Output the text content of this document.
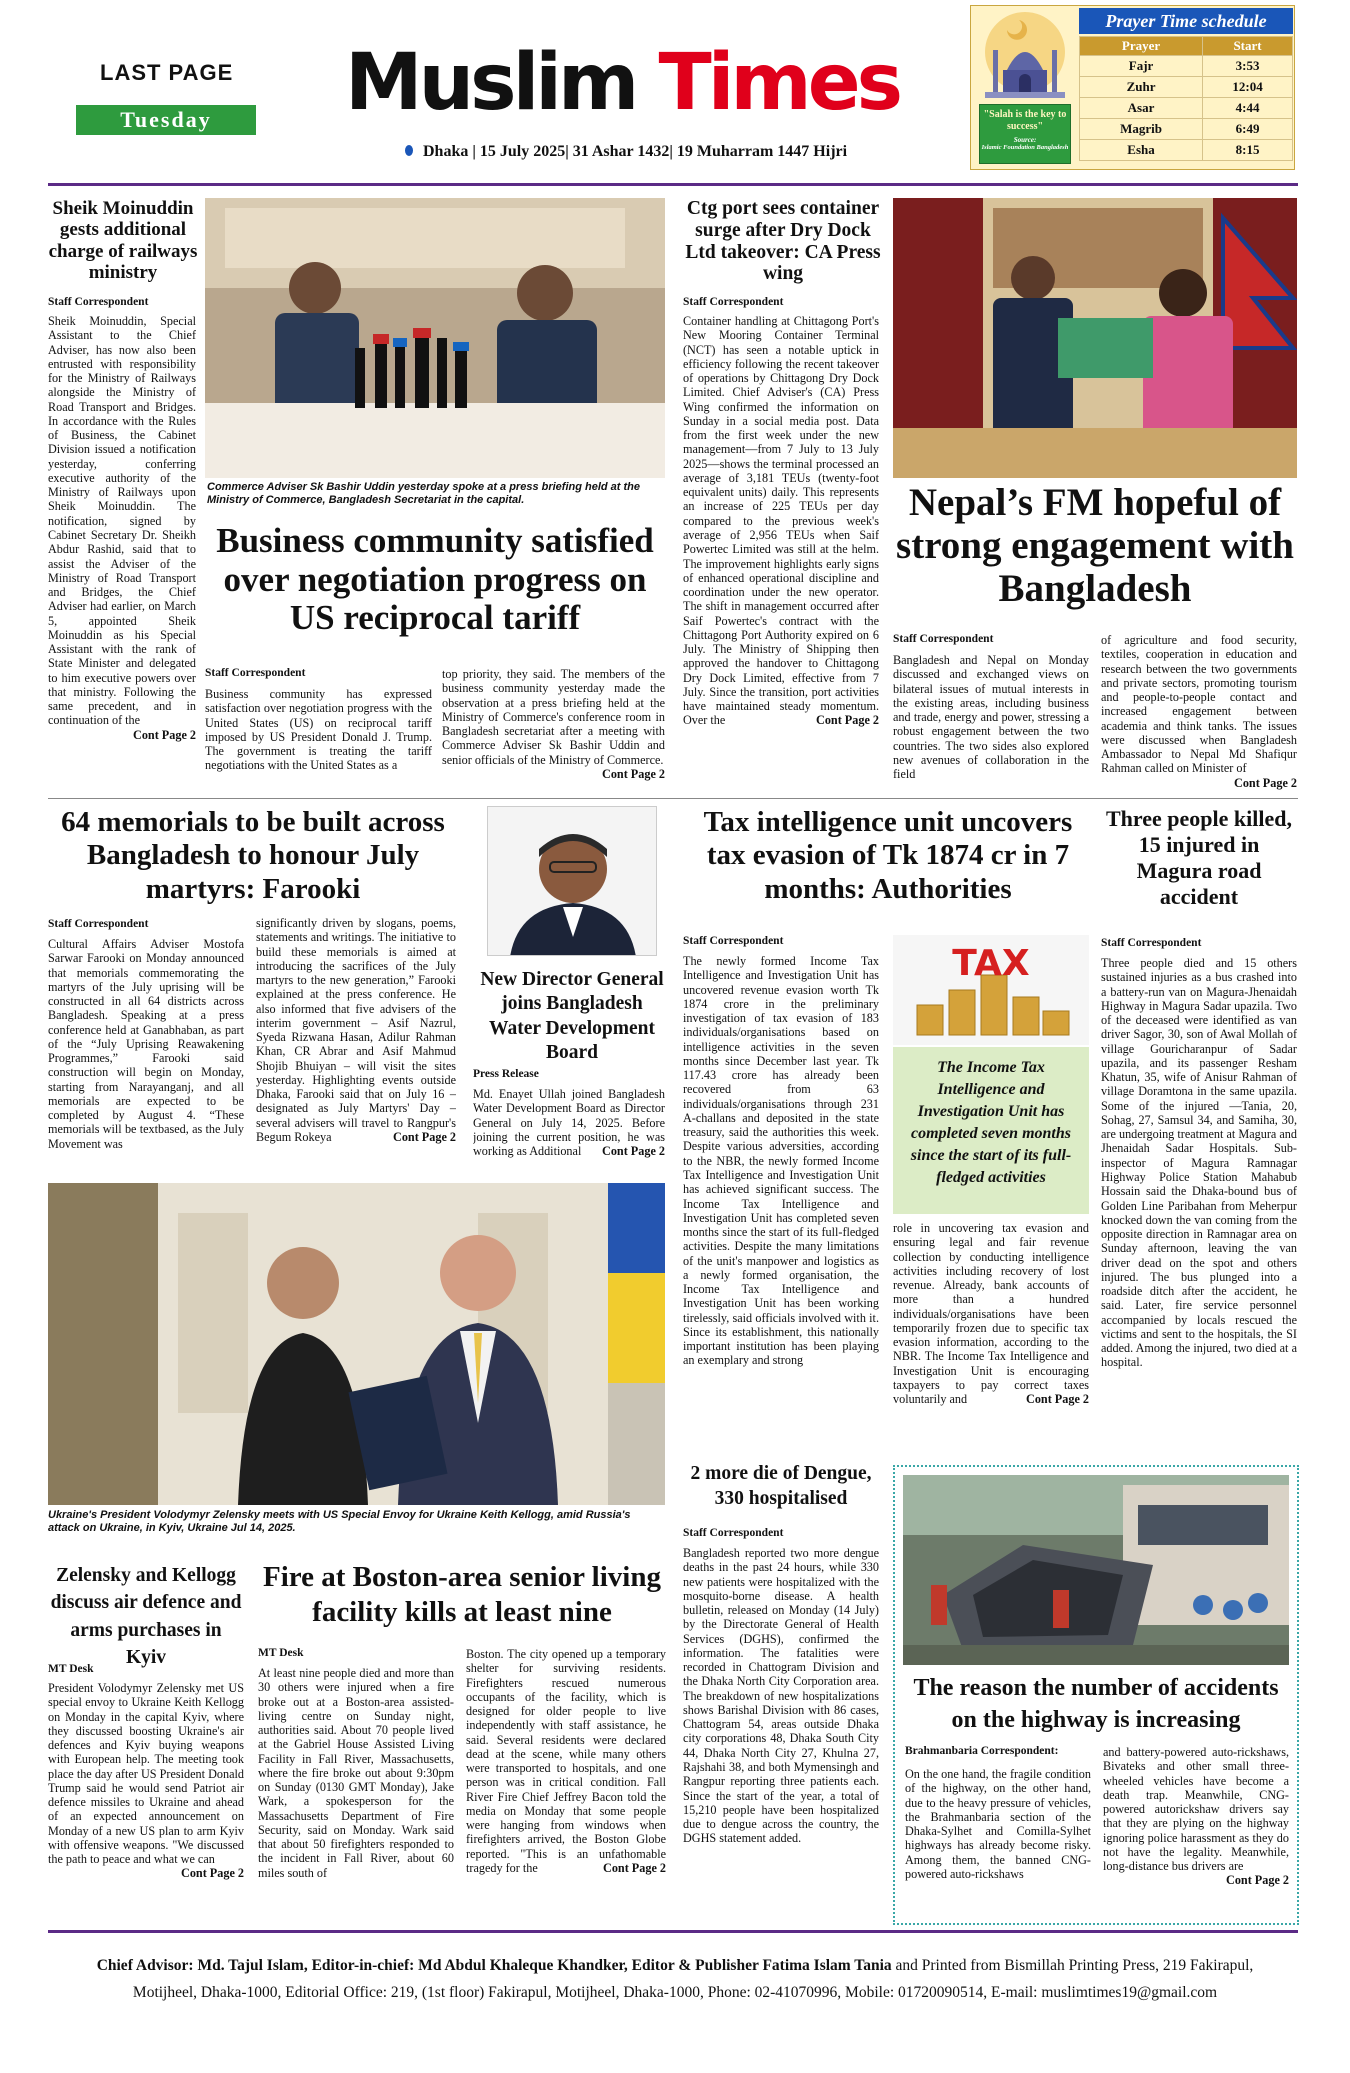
LAST PAGE
Tuesday	Muslim Times
Dhaka | 15 July 2025| 31 Ashar 1432| 19 Muharram 1447 Hijri
"Salah is the key to success"
Source:
Islamic Foundation Bangladesh
Prayer Time schedule
Prayer	Start
Fajr	3:53
Zuhr	12:04
Asar	4:44
Magrib	6:49
Esha	8:15
Sheik Moinuddin gests additional charge of railways ministry
Staff Correspondent
Sheik Moinuddin, Special Assistant to the Chief Adviser, has now also been entrusted with responsibility for the Ministry of Railways alongside the Ministry of Road Transport and Bridges. In accordance with the Rules of Business, the Cabinet Division issued a notification yesterday, conferring executive authority of the Ministry of Railways upon Sheik Moinuddin. The notification, signed by Cabinet Secretary Dr. Sheikh Abdur Rashid, said that to assist the Adviser of the Ministry of Road Transport and Bridges, the Chief Adviser had earlier, on March 5, appointed Sheik Moinuddin as his Special Assistant with the rank of State Minister and delegated to him executive powers over that ministry. Following the same precedent, and in continuation of the
Cont Page 2
Commerce Adviser Sk Bashir Uddin yesterday spoke at a press briefing held at the Ministry of Commerce, Bangladesh Secretariat in the capital.
Business community satisfied over negotiation progress on US reciprocal tariff
Staff Correspondent
Business community has expressed satisfaction over negotiation progress with the United States (US) on reciprocal tariff imposed by US President Donald J. Trump. The government is treating the tariff negotiations with the United States as a
top priority, they said. The members of the business community yesterday made the observation at a press briefing held at the Ministry of Commerce's conference room in Bangladesh secretariat after a meeting with Commerce Adviser Sk Bashir Uddin and senior officials of the Ministry of Commerce.
Cont Page 2
Ctg port sees container surge after Dry Dock Ltd takeover: CA Press wing
Staff Correspondent
Container handling at Chittagong Port's New Mooring Container Terminal (NCT) has seen a notable uptick in efficiency following the recent takeover of operations by Chittagong Dry Dock Limited. Chief Adviser's (CA) Press Wing confirmed the information on Sunday in a social media post. Data from the first week under the new management—from 7 July to 13 July 2025—shows the terminal processed an average of 3,181 TEUs (twenty-foot equivalent units) daily. This represents an increase of 225 TEUs per day compared to the previous week's average of 2,956 TEUs when Saif Powertec Limited was still at the helm. The improvement highlights early signs of enhanced operational discipline and coordination under the new operator. The shift in management occurred after Saif Powertec's contract with the Chittagong Port Authority expired on 6 July. The Ministry of Shipping then approved the handover to Chittagong Dry Dock Limited, effective from 7 July. Since the transition, port activities have maintained steady momentum. Over the	Cont Page 2
Nepal’s FM hopeful of strong engagement with Bangladesh
Staff Correspondent
Bangladesh and Nepal on Monday discussed and exchanged views on bilateral issues of mutual interests in the existing areas, including business and trade, energy and power, stressing a robust engagement between the two countries. The two sides also explored new avenues of collaboration in the field
of agriculture and food security, textiles, cooperation in education and research between the two governments and private sectors, promoting tourism and people-to-people contact and increased engagement between academia and think tanks. The issues were discussed when Bangladesh Ambassador to Nepal Md Shafiqur Rahman called on Minister of
Cont Page 2
64 memorials to be built across Bangladesh to honour July martyrs: Farooki
Staff Correspondent
Cultural Affairs Adviser Mostofa Sarwar Farooki on Monday announced that memorials commemorating the martyrs of the July uprising will be constructed in all 64 districts across Bangladesh. Speaking at a press conference held at Ganabhaban, as part of the “July Uprising Reawakening Programmes,” Farooki said construction will begin on Monday, starting from Narayanganj, and all memorials are expected to be completed by August 4. “These memorials will be textbased, as the July Movement was
significantly driven by slogans, poems, statements and writings. The initiative to build these memorials is aimed at introducing the sacrifices of the July martyrs to the new generation,” Farooki explained at the press conference. He also informed that five advisers of the interim government – Asif Nazrul, Syeda Rizwana Hasan, Adilur Rahman Khan, CR Abrar and Asif Mahmud Shojib Bhuiyan – will visit the sites yesterday. Highlighting events outside Dhaka, Farooki said that on July 16 – designated as July Martyrs' Day – several advisers will travel to Rangpur's Begum Rokeya	Cont Page 2
New Director General joins Bangladesh Water Development Board
Press Release
Md. Enayet Ullah joined Bangladesh Water Development Board as Director General on July 14, 2025. Before joining the current position, he was working as Additional Cont Page 2
Tax intelligence unit uncovers tax evasion of Tk 1874 cr in 7 months: Authorities
Staff Correspondent
The newly formed Income Tax Intelligence and Investigation Unit has uncovered revenue evasion worth Tk 1874 crore in the preliminary investigation of tax evasion of 183 individuals/organisations based on intelligence activities in the seven months since December last year. Tk 117.43 crore has already been recovered from 63 individuals/organisations through 231 A-challans and deposited in the state treasury, said the authorities this week. Despite various adversities, according to the NBR, the newly formed Income Tax Intelligence and Investigation Unit has achieved significant success. The Income Tax Intelligence and Investigation Unit has completed seven months since the start of its full-fledged activities. Despite the many limitations of the unit's manpower and logistics as a newly formed organisation, the Income Tax Intelligence and Investigation Unit has been working tirelessly, said officials involved with it. Since its establishment, this nationally important institution has been playing an exemplary and strong
TAX
The Income Tax Intelligence and Investigation Unit has completed seven months since the start of its full-fledged activities
role in uncovering tax evasion and ensuring legal and fair revenue collection by conducting intelligence activities including recovery of lost revenue. Already, bank accounts of more than a hundred individuals/organisations have been temporarily frozen due to specific tax evasion information, according to the NBR. The Income Tax Intelligence and Investigation Unit is encouraging taxpayers to pay correct taxes voluntarily and	Cont Page 2
Three people killed, 15 injured in Magura road accident
Staff Correspondent
Three people died and 15 others sustained injuries as a bus crashed into a battery-run van on Magura-Jhenaidah Highway in Magura Sadar upazila. Two of the deceased were identified as van driver Sagor, 30, son of Awal Mollah of village Gouricharanpur of Sadar upazila, and its passenger Resham Khatun, 35, wife of Anisur Rahman of village Doramtona in the same upazila. Some of the injured —Tania, 20, Sohag, 27, Samsul 34, and Samiha, 30, are undergoing treatment at Magura and Jhenaidah Sadar Hospitals. Sub-inspector of Magura Ramnagar Highway Police Station Mahabub Hossain said the Dhaka-bound bus of Golden Line Paribahan from Meherpur knocked down the van coming from the opposite direction in Ramnagar area on Sunday afternoon, leaving the van driver dead on the spot and others injured. The bus plunged into a roadside ditch after the accident, he said. Later, fire service personnel accompanied by locals rescued the victims and sent to the hospitals, the SI added. Among the injured, two died at a hospital.
Ukraine's President Volodymyr Zelensky meets with US Special Envoy for Ukraine Keith Kellogg, amid Russia's attack on Ukraine, in Kyiv, Ukraine Jul 14, 2025.
2 more die of Dengue, 330 hospitalised
Staff Correspondent
Bangladesh reported two more dengue deaths in the past 24 hours, while 330 new patients were hospitalized with the mosquito-borne disease. A health bulletin, released on Monday (14 July) by the Directorate General of Health Services (DGHS), confirmed the information. The fatalities were recorded in Chattogram Division and the Dhaka North City Corporation area. The breakdown of new hospitalizations shows Barishal Division with 86 cases, Chattogram 54, areas outside Dhaka city corporations 48, Dhaka South City 44, Dhaka North City 27, Khulna 27, Rajshahi 38, and both Mymensingh and Rangpur reporting three patients each. Since the start of the year, a total of 15,210 people have been hospitalized due to dengue across the country, the DGHS statement added.
Zelensky and Kellogg discuss air defence and arms purchases in Kyiv
MT Desk
President Volodymyr Zelensky met US special envoy to Ukraine Keith Kellogg on Monday in the capital Kyiv, where they discussed boosting Ukraine's air defences and Kyiv buying weapons with European help. The meeting took place the day after US President Donald Trump said he would send Patriot air defence missiles to Ukraine and ahead of an expected announcement on Monday of a new US plan to arm Kyiv with offensive weapons. "We discussed the path to peace and what we can
Cont Page 2
Fire at Boston-area senior living facility kills at least nine
MT Desk
At least nine people died and more than 30 others were injured when a fire broke out at a Boston-area assisted-living centre on Sunday night, authorities said. About 70 people lived at the Gabriel House Assisted Living Facility in Fall River, Massachusetts, where the fire broke out about 9:30pm on Sunday (0130 GMT Monday), Jake Wark, a spokesperson for the Massachusetts Department of Fire Security, said on Monday. Wark said that about 50 firefighters responded to the incident in Fall River, about 60 miles south of
Boston. The city opened up a temporary shelter for surviving residents. Firefighters rescued numerous occupants of the facility, which is designed for older people to live independently with staff assistance, he said. Several residents were declared dead at the scene, while many others were transported to hospitals, and one person was in critical condition. Fall River Fire Chief Jeffrey Bacon told the media on Monday that some people were hanging from windows when firefighters arrived, the Boston Globe reported. "This is an unfathomable tragedy for the	Cont Page 2
The reason the number of accidents on the highway is increasing
Brahmanbaria Correspondent:
On the one hand, the fragile condition of the highway, on the other hand, due to the heavy pressure of vehicles, the Brahmanbaria section of the Dhaka-Sylhet and Comilla-Sylhet highways has already become risky. Among them, the banned CNG-powered auto-rickshaws
and battery-powered auto-rickshaws, Bivateks and other small three-wheeled vehicles have become a death trap. Meanwhile, CNG-powered autorickshaw drivers say that they are plying on the highway ignoring police harassment as they do not have the legality. Meanwhile, long-distance bus drivers are
Cont Page 2
Chief Advisor: Md. Tajul Islam, Editor-in-chief: Md Abdul Khaleque Khandker, Editor & Publisher Fatima Islam Tania and Printed from Bismillah Printing Press, 219 Fakirapul,
Motijheel, Dhaka-1000, Editorial Office: 219, (1st floor) Fakirapul, Motijheel, Dhaka-1000, Phone: 02-41070996, Mobile: 01720090514, E-mail: muslimtimes19@gmail.com
